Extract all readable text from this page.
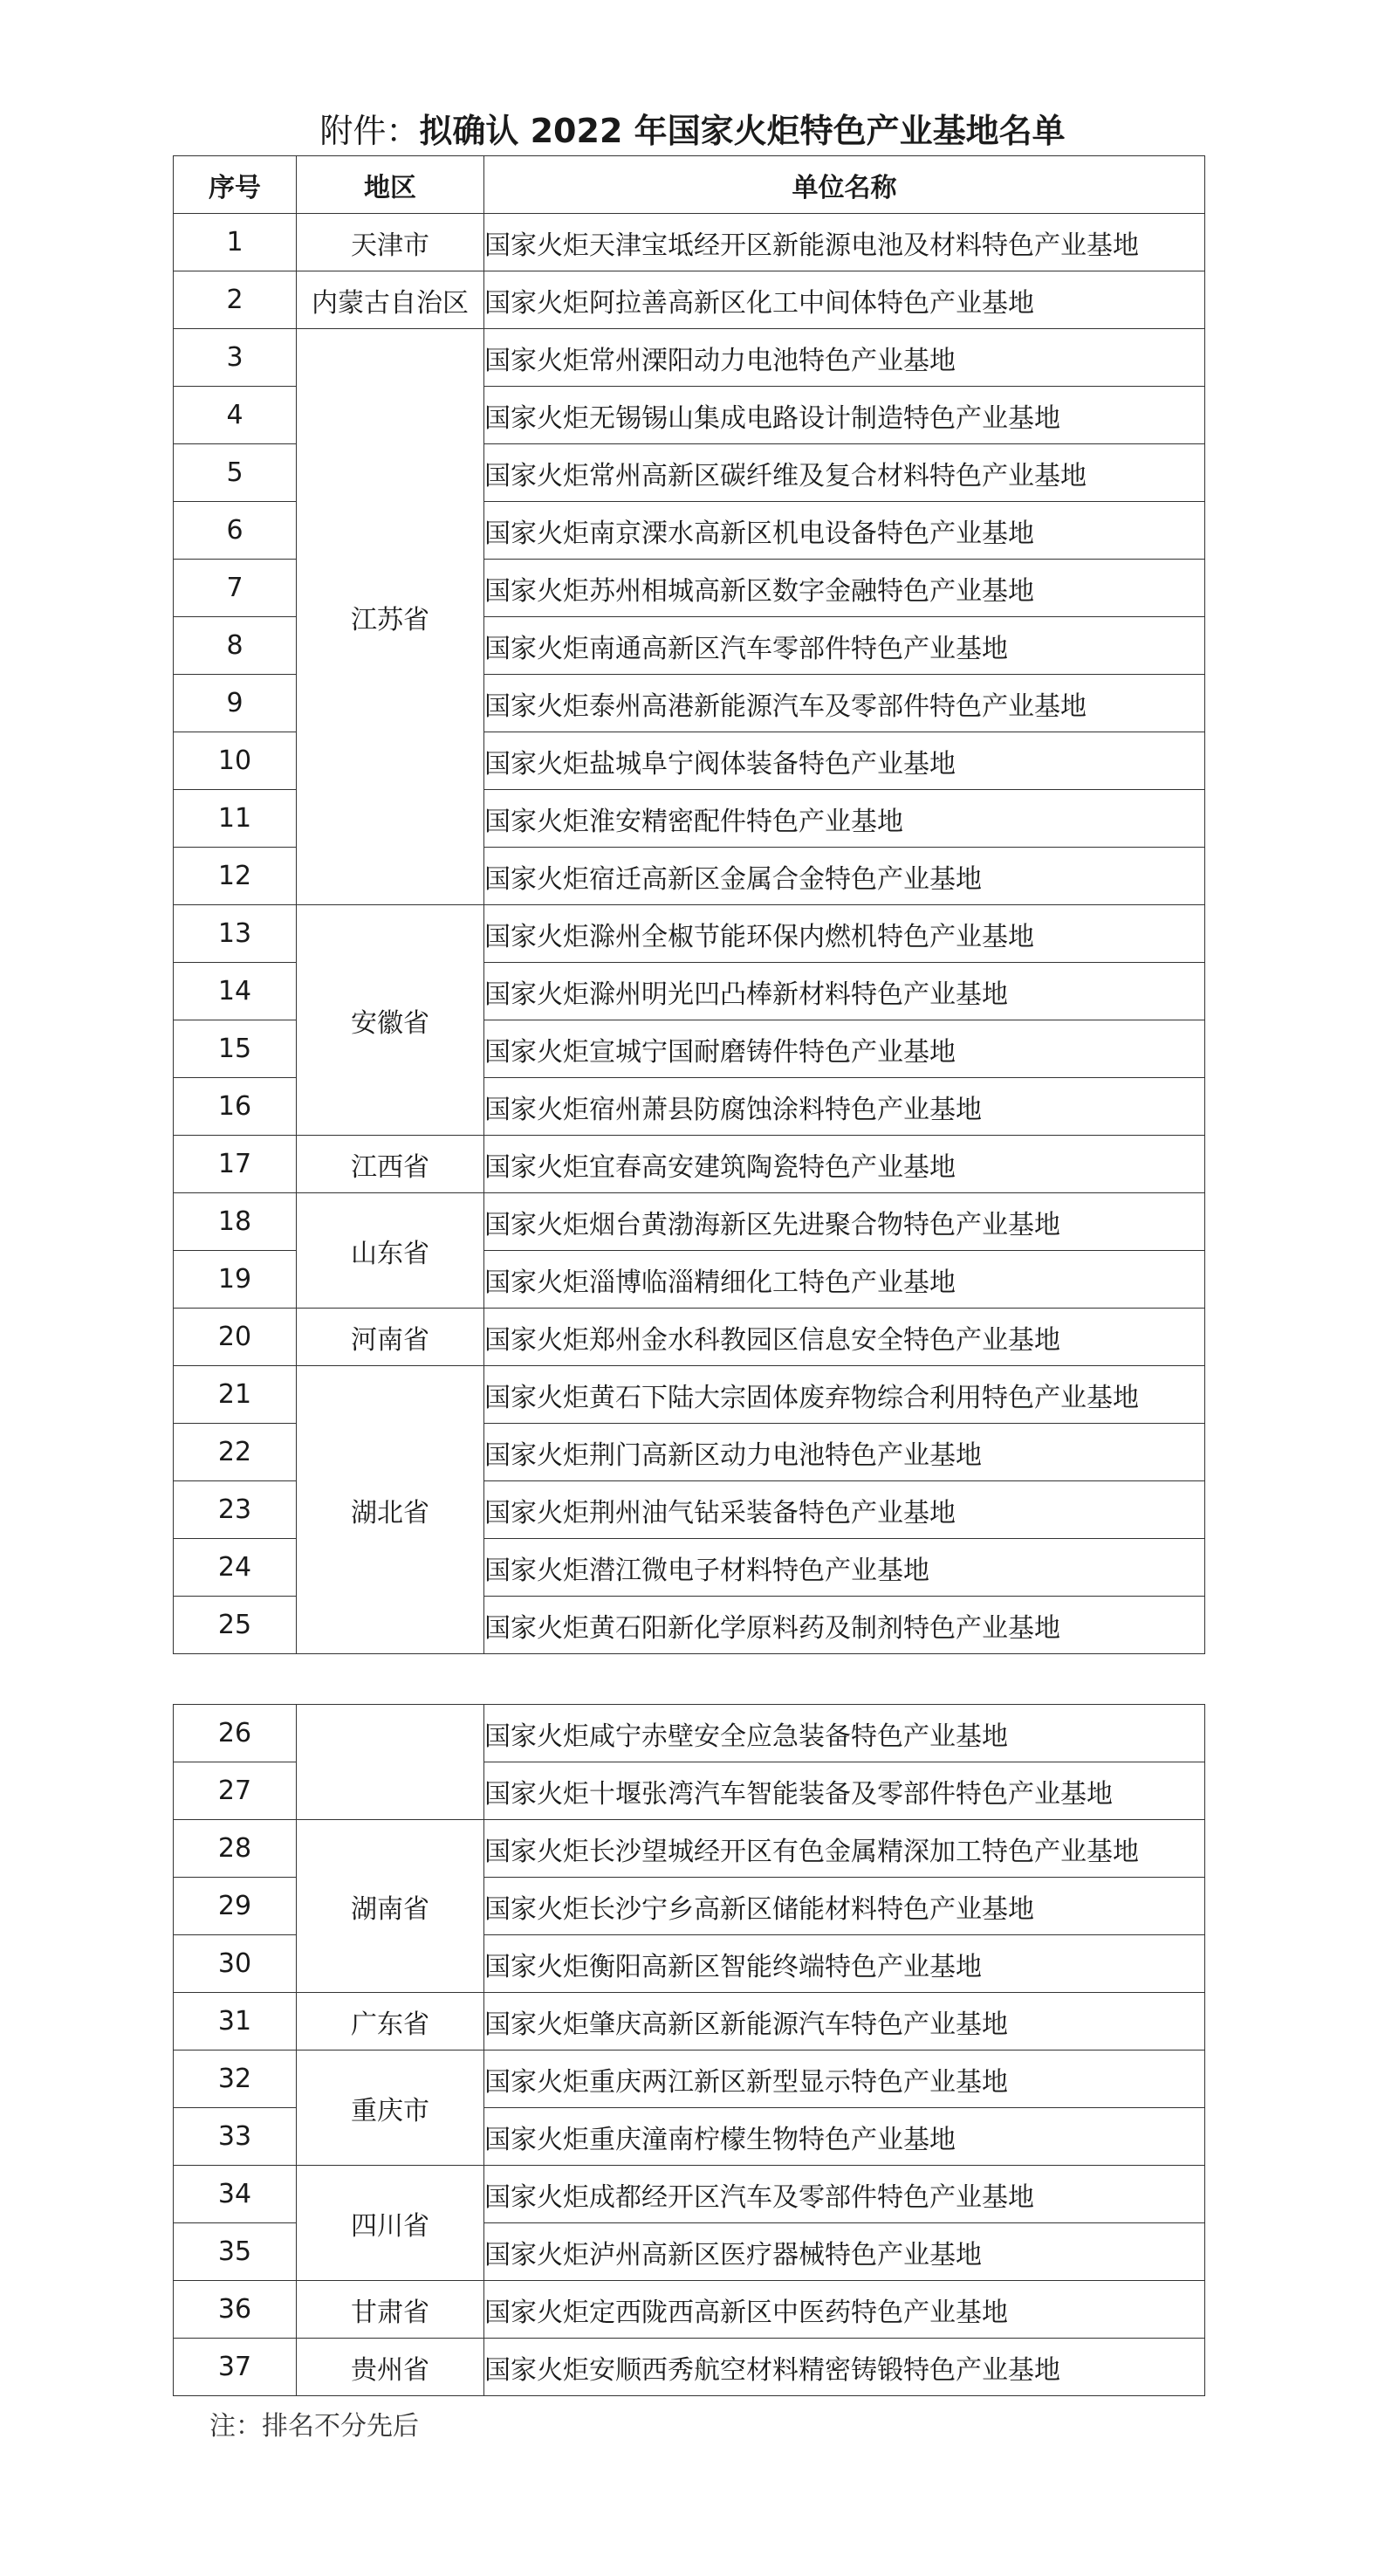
附件：拟确认 2022 年国家火炬特色产业基地名单
序号	地区	单位名称
1	天津市	国家火炬天津宝坻经开区新能源电池及材料特色产业基地
2	内蒙古自治区	国家火炬阿拉善高新区化工中间体特色产业基地
3	江苏省	国家火炬常州溧阳动力电池特色产业基地
4		国家火炬无锡锡山集成电路设计制造特色产业基地
5		国家火炬常州高新区碳纤维及复合材料特色产业基地
6		国家火炬南京溧水高新区机电设备特色产业基地
7		国家火炬苏州相城高新区数字金融特色产业基地
8		国家火炬南通高新区汽车零部件特色产业基地
9		国家火炬泰州高港新能源汽车及零部件特色产业基地
10		国家火炬盐城阜宁阀体装备特色产业基地
11		国家火炬淮安精密配件特色产业基地
12		国家火炬宿迁高新区金属合金特色产业基地
13	安徽省	国家火炬滁州全椒节能环保内燃机特色产业基地
14		国家火炬滁州明光凹凸棒新材料特色产业基地
15		国家火炬宣城宁国耐磨铸件特色产业基地
16		国家火炬宿州萧县防腐蚀涂料特色产业基地
17	江西省	国家火炬宜春高安建筑陶瓷特色产业基地
18	山东省	国家火炬烟台黄渤海新区先进聚合物特色产业基地
19		国家火炬淄博临淄精细化工特色产业基地
20	河南省	国家火炬郑州金水科教园区信息安全特色产业基地
21	湖北省	国家火炬黄石下陆大宗固体废弃物综合利用特色产业基地
22		国家火炬荆门高新区动力电池特色产业基地
23		国家火炬荆州油气钻采装备特色产业基地
24		国家火炬潜江微电子材料特色产业基地
25		国家火炬黄石阳新化学原料药及制剂特色产业基地
26		国家火炬咸宁赤壁安全应急装备特色产业基地
27		国家火炬十堰张湾汽车智能装备及零部件特色产业基地
28	湖南省	国家火炬长沙望城经开区有色金属精深加工特色产业基地
29		国家火炬长沙宁乡高新区储能材料特色产业基地
30		国家火炬衡阳高新区智能终端特色产业基地
31	广东省	国家火炬肇庆高新区新能源汽车特色产业基地
32	重庆市	国家火炬重庆两江新区新型显示特色产业基地
33		国家火炬重庆潼南柠檬生物特色产业基地
34	四川省	国家火炬成都经开区汽车及零部件特色产业基地
35		国家火炬泸州高新区医疗器械特色产业基地
36	甘肃省	国家火炬定西陇西高新区中医药特色产业基地
37	贵州省	国家火炬安顺西秀航空材料精密铸锻特色产业基地
注：排名不分先后
